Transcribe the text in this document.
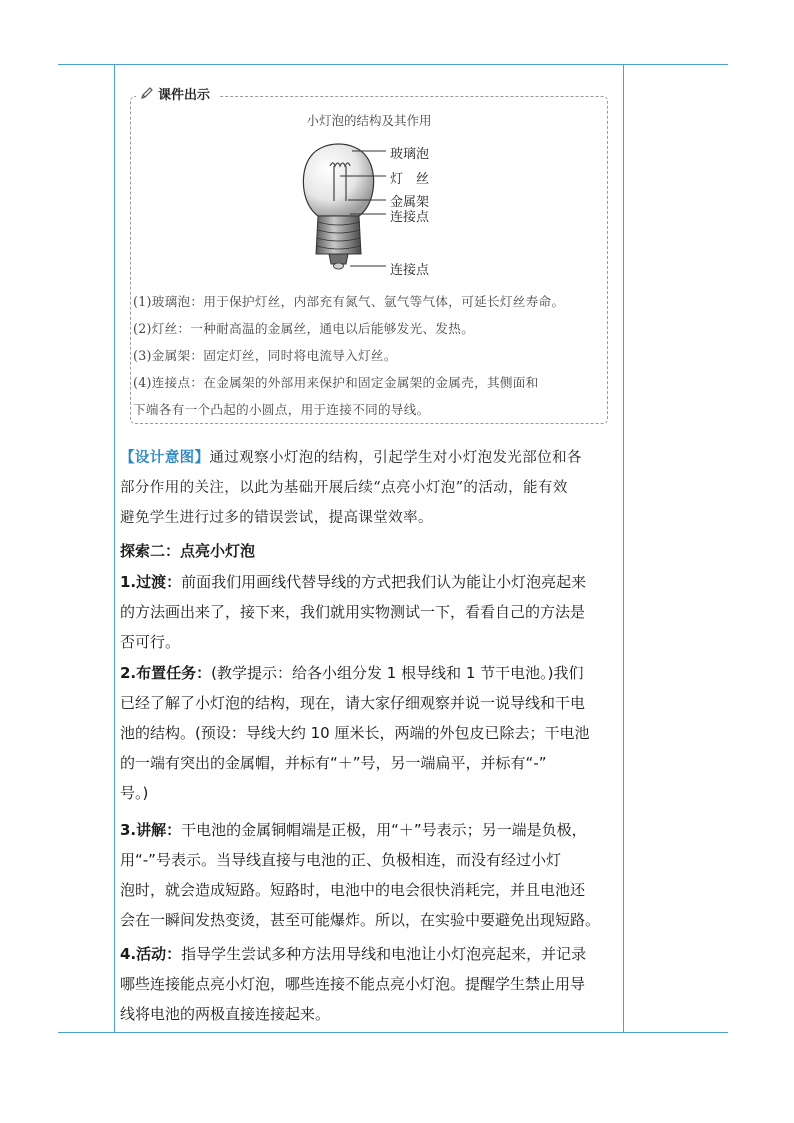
课件出示
小灯泡的结构及其作用
玻璃泡
灯　丝
金属架
连接点
连接点
(1)玻璃泡：用于保护灯丝，内部充有氮气、氩气等气体，可延长灯丝寿命。
(2)灯丝：一种耐高温的金属丝，通电以后能够发光、发热。
(3)金属架：固定灯丝，同时将电流导入灯丝。
(4)连接点：在金属架的外部用来保护和固定金属架的金属壳，其侧面和
下端各有一个凸起的小圆点，用于连接不同的导线。
【设计意图】通过观察小灯泡的结构，引起学生对小灯泡发光部位和各
部分作用的关注，以此为基础开展后续“点亮小灯泡”的活动，能有效
避免学生进行过多的错误尝试，提高课堂效率。
探索二：点亮小灯泡
1.过渡：前面我们用画线代替导线的方式把我们认为能让小灯泡亮起来
的方法画出来了，接下来，我们就用实物测试一下，看看自己的方法是
否可行。
2.布置任务：(教学提示：给各小组分发 1 根导线和 1 节干电池。)我们
已经了解了小灯泡的结构，现在，请大家仔细观察并说一说导线和干电
池的结构。(预设：导线大约 10 厘米长，两端的外包皮已除去；干电池
的一端有突出的金属帽，并标有“＋”号，另一端扁平，并标有“-”
号。)
3.讲解：干电池的金属铜帽端是正极，用“＋”号表示；另一端是负极，
用“-”号表示。当导线直接与电池的正、负极相连，而没有经过小灯
泡时，就会造成短路。短路时，电池中的电会很快消耗完，并且电池还
会在一瞬间发热变烫，甚至可能爆炸。所以，在实验中要避免出现短路。
4.活动：指导学生尝试多种方法用导线和电池让小灯泡亮起来，并记录
哪些连接能点亮小灯泡，哪些连接不能点亮小灯泡。提醒学生禁止用导
线将电池的两极直接连接起来。
